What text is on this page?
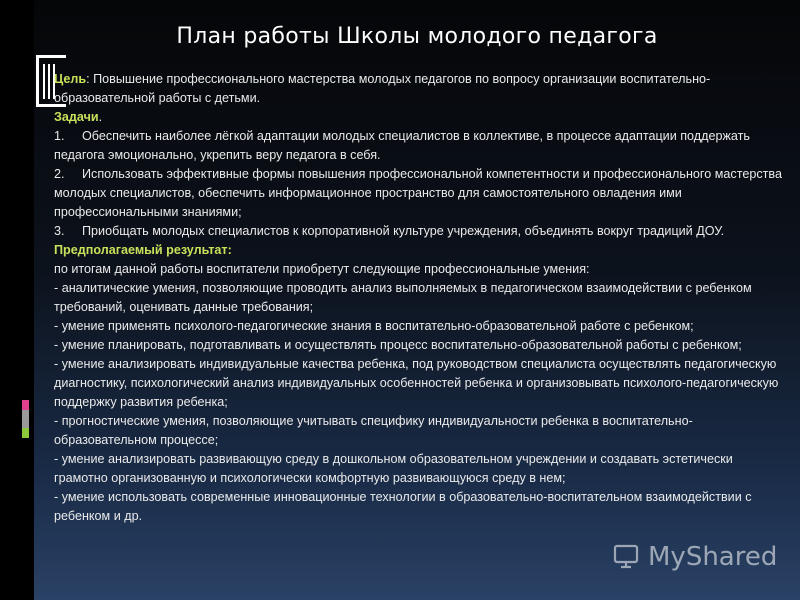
План работы Школы молодого педагога

Цель: Повышение профессионального мастерства молодых педагогов по вопросу организации воспитательно-образовательной работы с детьми.

Задачи.

1. Обеспечить наиболее лёгкой адаптации молодых специалистов в коллективе, в процессе адаптации поддержать педагога эмоционально, укрепить веру педагога в себя.

2. Использовать эффективные формы повышения профессиональной компетентности и профессионального мастерства молодых специалистов, обеспечить информационное пространство для самостоятельного овладения ими профессиональными знаниями;

3. Приобщать молодых специалистов к корпоративной культуре учреждения, объединять вокруг традиций ДОУ.

Предполагаемый результат:

по итогам данной работы воспитатели приобретут следующие профессиональные умения:

- аналитические умения, позволяющие проводить анализ выполняемых в педагогическом взаимодействии с ребенком требований, оценивать данные требования;

- умение применять психолого-педагогические знания в воспитательно-образовательной работе с ребенком;

- умение планировать, подготавливать и осуществлять процесс воспитательно-образовательной работы с ребенком;

- умение анализировать индивидуальные качества ребенка, под руководством специалиста осуществлять педагогическую диагностику, психологический анализ индивидуальных особенностей ребенка и организовывать психолого-педагогическую поддержку развития ребенка;

- прогностические умения, позволяющие учитывать специфику индивидуальности ребенка в воспитательно-образовательном процессе;

- умение анализировать развивающую среду в дошкольном образовательном учреждении и создавать эстетически грамотно организованную и психологически комфортную развивающуюся среду в нем;

- умение использовать современные инновационные технологии в образовательно-воспитательном взаимодействии с ребенком и др.

MyShared
